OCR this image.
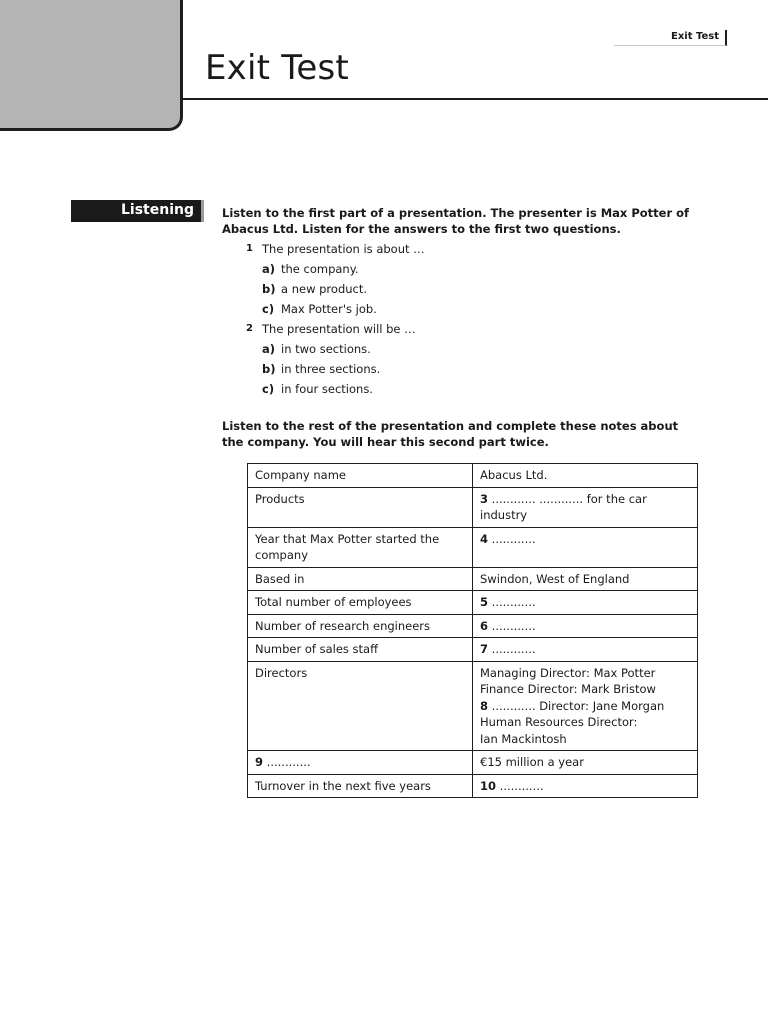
Exit Test
Exit Test
Listening	Listen to the first part of a presentation. The presenter is Max Potter of Abacus Ltd. Listen for the answers to the first two questions.

1 The presentation is about …
a) the company.
b) a new product.
c) Max Potter's job.
2 The presentation will be …
a) in two sections.
b) in three sections.
c) in four sections.

Listen to the rest of the presentation and complete these notes about the company. You will hear this second part twice.

Company name	Abacus Ltd.
Products	3 ............ ............ for the car industry
Year that Max Potter started the company	4 ............
Based in	Swindon, West of England
Total number of employees	5 ............
Number of research engineers	6 ............
Number of sales staff	7 ............
Directors	Managing Director: Max Potter
Finance Director: Mark Bristow
8 ............ Director: Jane Morgan
Human Resources Director:
Ian Mackintosh

9 ............	€15 million a year
Turnover in the next five years	10 ............
